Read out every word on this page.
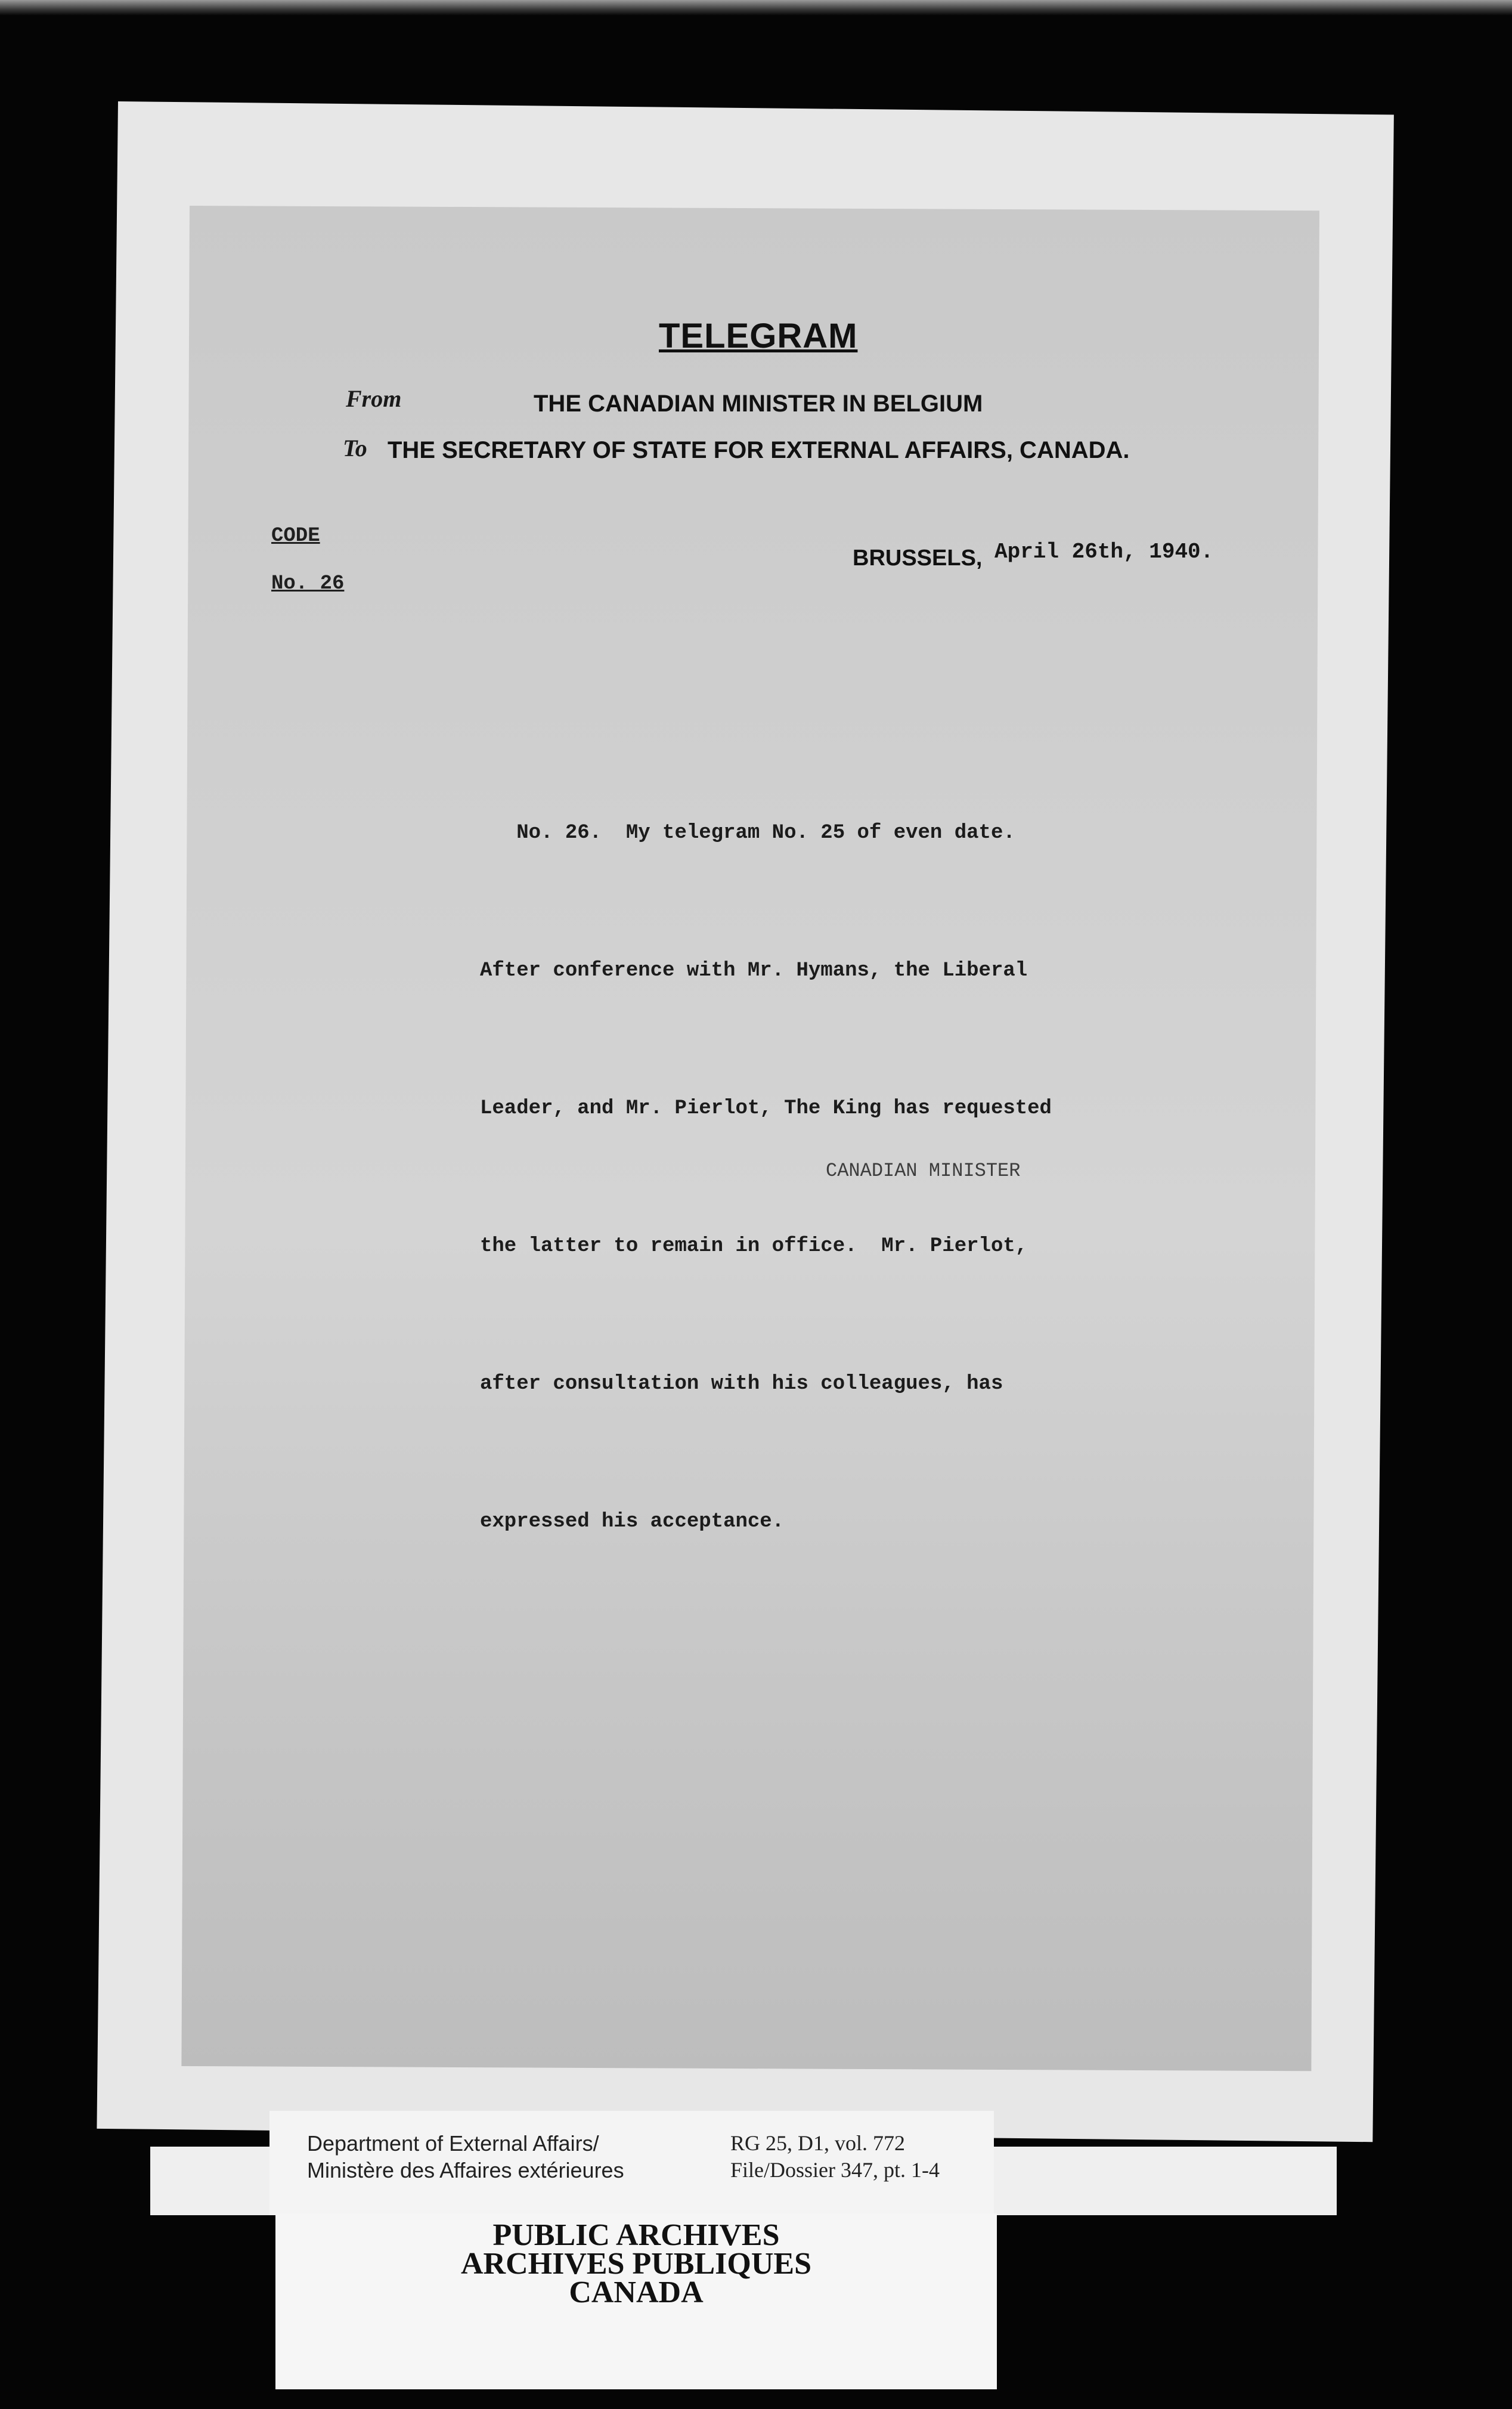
TELEGRAM
From	THE CANADIAN MINISTER IN BELGIUM
To THE SECRETARY OF STATE FOR EXTERNAL AFFAIRS, CANADA.
CODE
No. 26
BRUSSELS, April 26th, 1940.

No. 26.  My telegram No. 25 of even date.

After conference with Mr. Hymans, the Liberal

Leader, and Mr. Pierlot, The King has requested

the latter to remain in office.  Mr. Pierlot,

after consultation with his colleagues, has

expressed his acceptance.

CANADIAN MINISTER
Department of External Affairs/
Ministère des Affaires extérieures
RG 25, D1, vol. 772
File/Dossier 347, pt. 1-4
PUBLIC ARCHIVES
ARCHIVES PUBLIQUES
CANADA
